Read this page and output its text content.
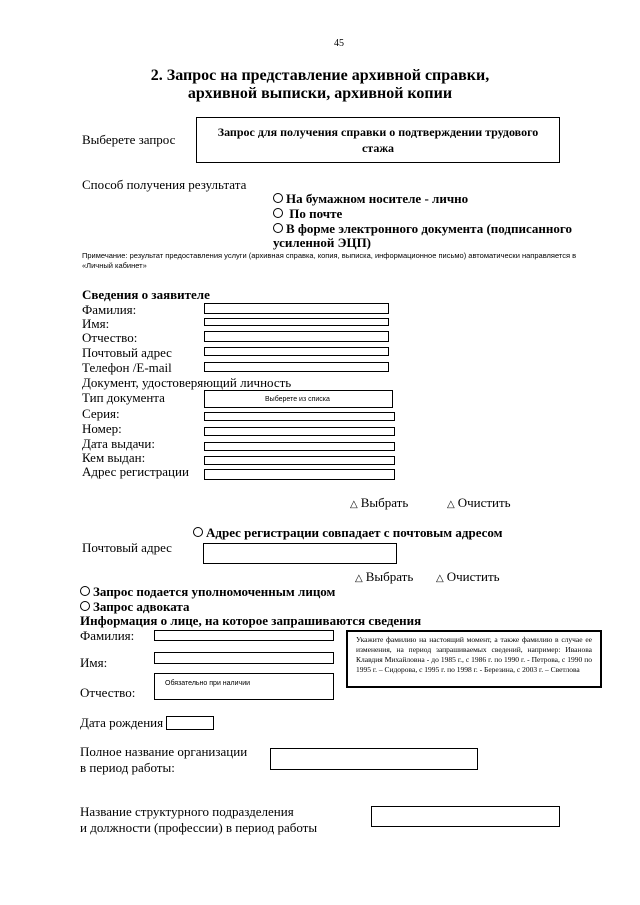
45
2. Запрос на представление архивной справки,
архивной выписки, архивной копии
Выберете запрос	Запрос для получения справки о подтверждении трудового
стажа
Способ получения результата
На бумажном носителе - лично
По почте
В форме электронного документа (подписанного
усиленной ЭЦП)
Примечание: результат предоставления услуги (архивная справка, копия, выписка, информационное письмо) автоматически направляется в «Личный кабинет»
Сведения о заявителе
Фамилия:
Имя:
Отчество:
Почтовый адрес
Телефон /E-mail
Документ, удостоверяющий личность
Тип документа	Выберете из списка
Серия:
Номер:
Дата выдачи:
Кем выдан:
Адрес регистрации
△ Выбрать	△ Очистить
Адрес регистрации совпадает с почтовым адресом
Почтовый адрес
△ Выбрать △ Очистить
Запрос подается уполномоченным лицом
Запрос адвоката
Информация о лице, на которое запрашиваются сведения
Фамилия:
Имя:
Отчество:
Обязательно при наличии
Укажите фамилию на настоящий момент, а также фамилию в случае ее изменения, на период запрашиваемых сведений, например: Иванова Клавдия Михайловна - до 1985 г., с 1986 г. по 1990 г. - Петрова, с 1990 по 1995 г. – Сидорова, с 1995 г. по 1998 г. - Березина, с 2003 г. – Светлова
Дата рождения
Полное название организации
в период работы:
Название структурного подразделения
и должности (профессии) в период работы
